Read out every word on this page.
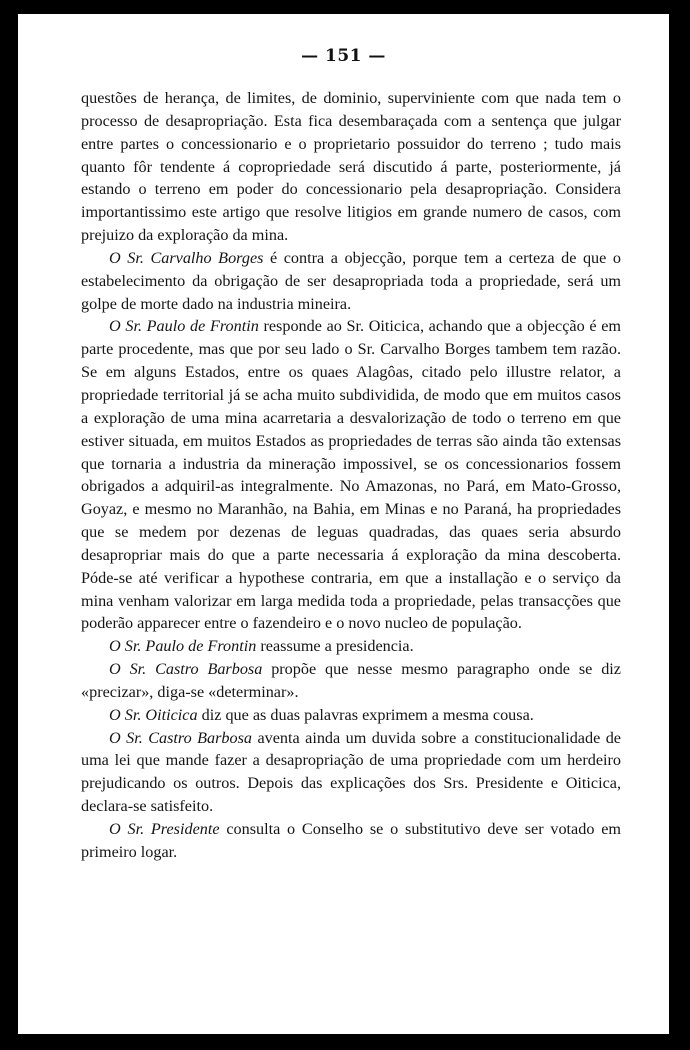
— 151 —

questões de herança, de limites, de dominio, superviniente com que nada tem o processo de desapropriação. Esta fica desembaraçada com a sentença que julgar entre partes o concessionario e o proprietario possuidor do terreno ; tudo mais quanto fôr tendente á copropriedade será discutido á parte, posteriormente, já estando o terreno em poder do concessionario pela desapropriação. Considera importantissimo este artigo que resolve litigios em grande numero de casos, com prejuizo da exploração da mina.

O Sr. Carvalho Borges é contra a objecção, porque tem a certeza de que o estabelecimento da obrigação de ser desapropriada toda a propriedade, será um golpe de morte dado na industria mineira.

O Sr. Paulo de Frontin responde ao Sr. Oiticica, achando que a objecção é em parte procedente, mas que por seu lado o Sr. Carvalho Borges tambem tem razão. Se em alguns Estados, entre os quaes Alagôas, citado pelo illustre relator, a propriedade territorial já se acha muito subdividida, de modo que em muitos casos a exploração de uma mina acarretaria a desvalorização de todo o terreno em que estiver situada, em muitos Estados as propriedades de terras são ainda tão extensas que tornaria a industria da mineração impossivel, se os concessionarios fossem obrigados a adquiril-as integralmente. No Amazonas, no Pará, em Mato-Grosso, Goyaz, e mesmo no Maranhão, na Bahia, em Minas e no Paraná, ha propriedades que se medem por dezenas de leguas quadradas, das quaes seria absurdo desapropriar mais do que a parte necessaria á exploração da mina descoberta. Póde-se até verificar a hypothese contraria, em que a installação e o serviço da mina venham valorizar em larga medida toda a propriedade, pelas transacções que poderão apparecer entre o fazendeiro e o novo nucleo de população.

O Sr. Paulo de Frontin reassume a presidencia.

O Sr. Castro Barbosa propõe que nesse mesmo paragrapho onde se diz «precizar», diga-se «determinar».

O Sr. Oiticica diz que as duas palavras exprimem a mesma cousa.

O Sr. Castro Barbosa aventa ainda um duvida sobre a constitucionalidade de uma lei que mande fazer a desapropriação de uma propriedade com um herdeiro prejudicando os outros. Depois das explicações dos Srs. Presidente e Oiticica, declara-se satisfeito.

O Sr. Presidente consulta o Conselho se o substitutivo deve ser votado em primeiro logar.
